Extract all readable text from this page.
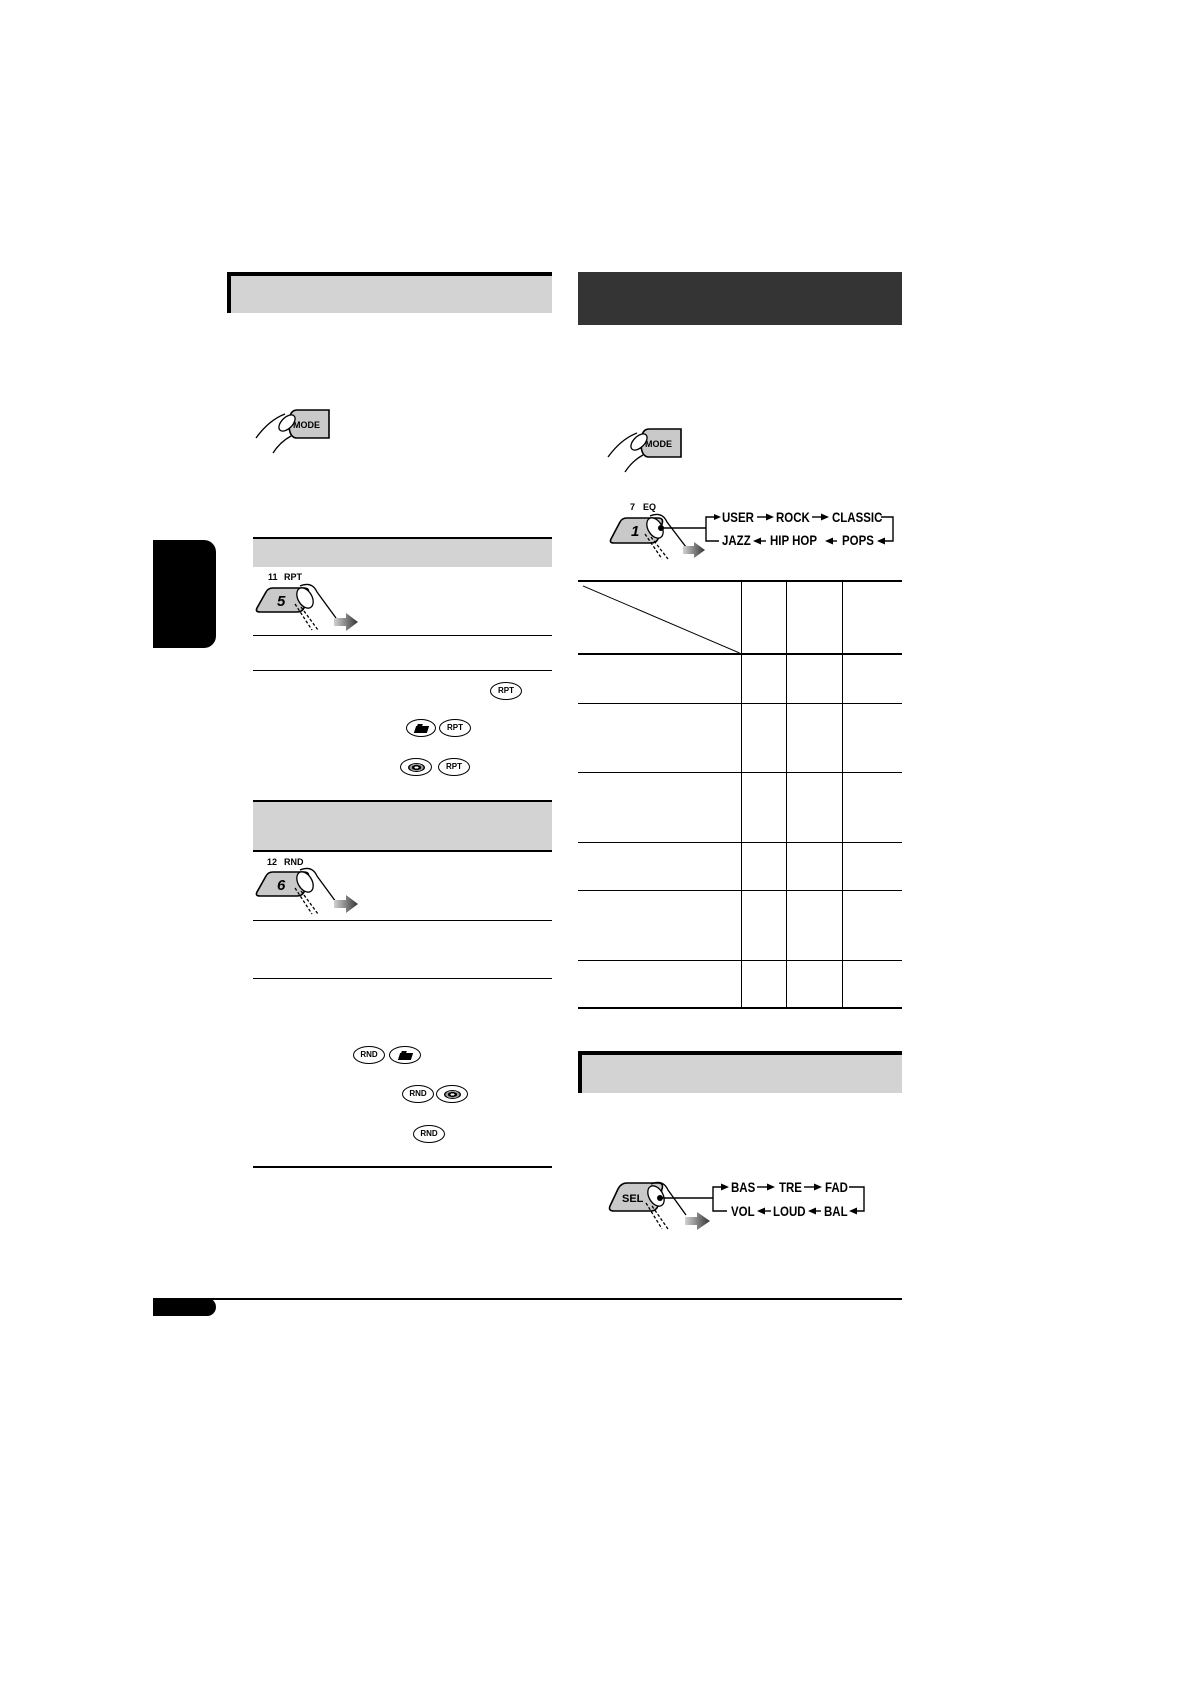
MODE
11 RPT
5
RPT
RPT
RPT
12 RND
6
RND
RND
RND
MODE
7 EQ
1
USER ROCK CLASSIC
JAZZ HIP HOP POPS

SEL
BAS TRE FAD
VOL LOUD BAL
